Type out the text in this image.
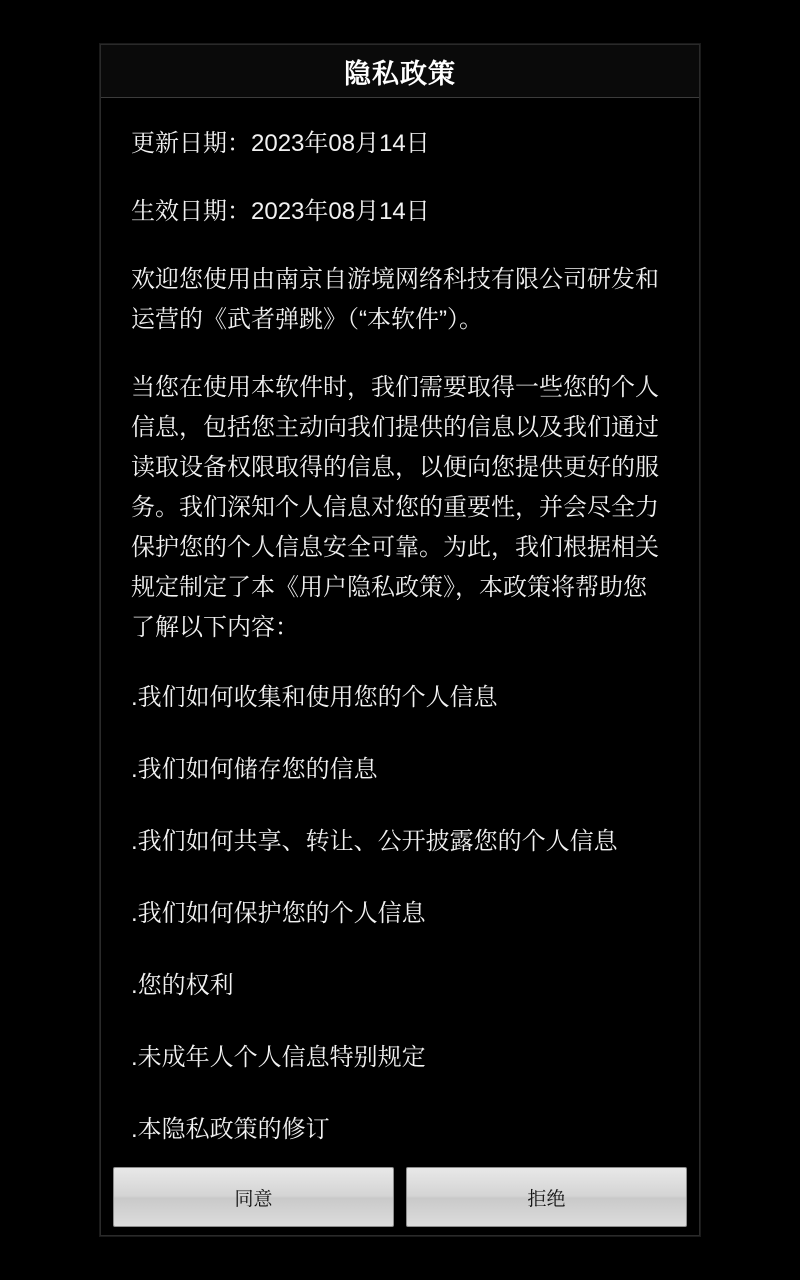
隐私政策

更新日期：2023年08月14日

生效日期：2023年08月14日

欢迎您使用由南京自游境网络科技有限公司研发和运营的《武者弹跳》（“本软件”）。

当您在使用本软件时，我们需要取得一些您的个人信息，包括您主动向我们提供的信息以及我们通过读取设备权限取得的信息，以便向您提供更好的服务。我们深知个人信息对您的重要性，并会尽全力保护您的个人信息安全可靠。为此，我们根据相关规定制定了本《用户隐私政策》，本政策将帮助您了解以下内容：

.我们如何收集和使用您的个人信息

.我们如何储存您的信息

.我们如何共享、转让、公开披露您的个人信息

.我们如何保护您的个人信息

.您的权利

.未成年人个人信息特别规定

.本隐私政策的修订

同意	拒绝
